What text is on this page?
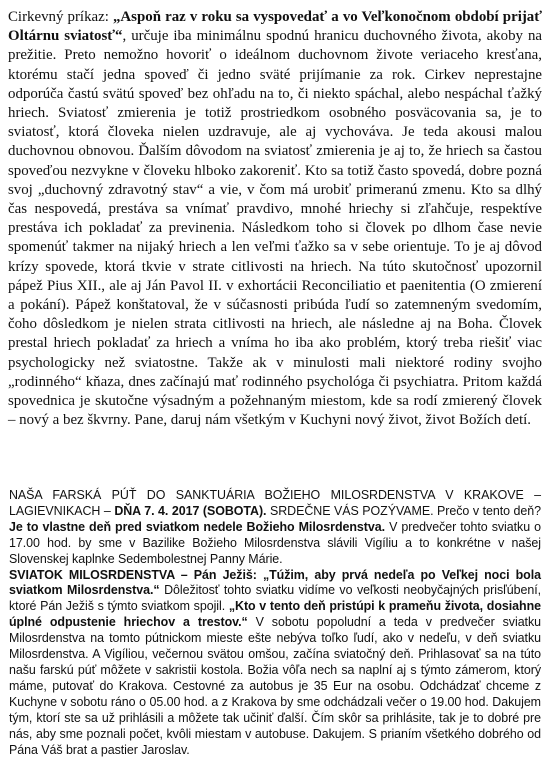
Cirkevný príkaz: „Aspoň raz v roku sa vyspovedať a vo Veľkonočnom období prijať Oltárnu sviatosť“, určuje iba minimálnu spodnú hranicu duchovného života, akoby na prežitie. Preto nemožno hovoriť o ideálnom duchovnom živote veriaceho kresťana, ktorému stačí jedna spoveď či jedno sväté prijímanie za rok. Cirkev neprestajne odporúča častú svätú spoveď bez ohľadu na to, či niekto spáchal, alebo nespáchal ťažký hriech. Sviatosť zmierenia je totiž prostriedkom osobného posväcovania sa, je to sviatosť, ktorá človeka nielen uzdravuje, ale aj vychováva. Je teda akousi malou duchovnou obnovou. Ďalším dôvodom na sviatosť zmierenia je aj to, že hriech sa častou spoveďou nezvykne v človeku hlboko zakoreniť. Kto sa totiž často spovedá, dobre pozná svoj „duchovný zdravotný stav“ a vie, v čom má urobiť primeranú zmenu. Kto sa dlhý čas nespovedá, prestáva sa vnímať pravdivo, mnohé hriechy si zľahčuje, respektíve prestáva ich pokladať za previnenia. Následkom toho si človek po dlhom čase nevie spomenúť takmer na nijaký hriech a len veľmi ťažko sa v sebe orientuje. To je aj dôvod krízy spovede, ktorá tkvie v strate citlivosti na hriech. Na túto skutočnosť upozornil pápež Pius XII., ale aj Ján Pavol II. v exhortácii Reconciliatio et paenitentia (O zmierení a pokání). Pápež konštatoval, že v súčasnosti pribúda ľudí so zatemneným svedomím, čoho dôsledkom je nielen strata citlivosti na hriech, ale následne aj na Boha. Človek prestal hriech pokladať za hriech a vníma ho iba ako problém, ktorý treba riešiť viac psychologicky než sviatostne. Takže ak v minulosti mali niektoré rodiny svojho „rodinného“ kňaza, dnes začínajú mať rodinného psychológa či psychiatra. Pritom každá spovednica je skutočne výsadným a požehnaným miestom, kde sa rodí zmierený človek – nový a bez škvrny. Pane, daruj nám všetkým v Kuchyni nový život, život Božích detí.

NAŠA FARSKÁ PÚŤ DO SANKTUÁRIA BOŽIEHO MILOSRDENSTVA V KRAKOVE – LAGIEVNIKACH – DŇA 7. 4. 2017 (SOBOTA). SRDEČNE VÁS POZÝVAME. Prečo v tento deň? Je to vlastne deň pred sviatkom nedele Božieho Milosrdenstva. V predvečer tohto sviatku o 17.00 hod. by sme v Bazilike Božieho Milosrdenstva slávili Vigíliu a to konkrétne v našej Slovenskej kaplnke Sedembolestnej Panny Márie.

SVIATOK MILOSRDENSTVA – Pán Ježiš: „Túžim, aby prvá nedeľa po Veľkej noci bola sviatkom Milosrdenstva.“ Dôležitosť tohto sviatku vidíme vo veľkosti neobyčajných prisľúbení, ktoré Pán Ježiš s týmto sviatkom spojil. „Kto v tento deň pristúpi k prameňu života, dosiahne úplné odpustenie hriechov a trestov.“ V sobotu popoludní a teda v predvečer sviatku Milosrdenstva na tomto pútnickom mieste ešte nebýva toľko ľudí, ako v nedeľu, v deň sviatku Milosrdenstva. A Vigíliou, večernou svätou omšou, začína sviatočný deň. Prihlasovať sa na túto našu farskú púť môžete v sakristii kostola. Božia vôľa nech sa naplní aj s týmto zámerom, ktorý máme, putovať do Krakova. Cestovné za autobus je 35 Eur na osobu. Odchádzať chceme z Kuchyne v sobotu ráno o 05.00 hod. a z Krakova by sme odchádzali večer o 19.00 hod. Dakujem tým, ktorí ste sa už prihlásili a môžete tak učiniť ďalší. Čím skôr sa prihlásite, tak je to dobré pre nás, aby sme poznali počet, kvôli miestam v autobuse. Dakujem. S prianím všetkého dobrého od Pána Váš brat a pastier Jaroslav.
